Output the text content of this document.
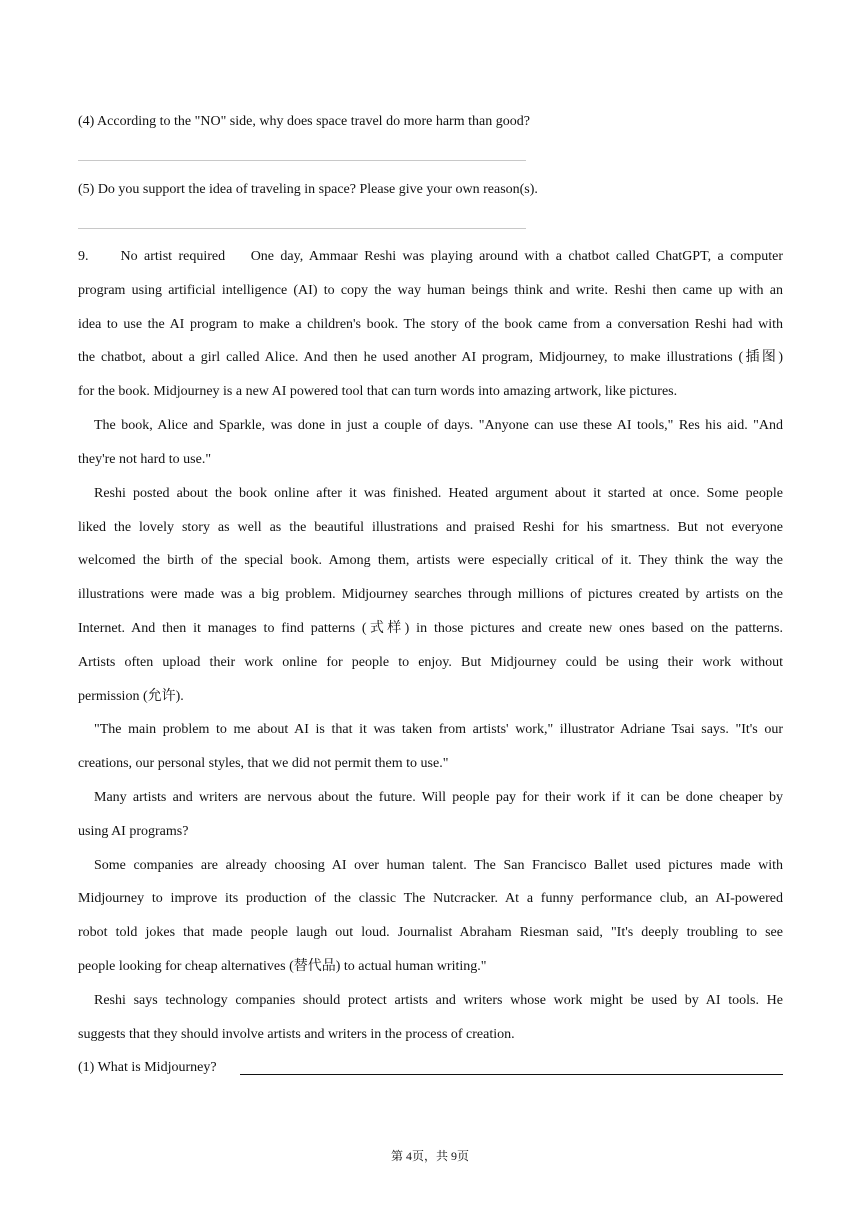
(4) According to the "NO" side, why does space travel do more harm than good?
(5) Do you support the idea of traveling in space? Please give your own reason(s).
9.     No artist required    One day, Ammaar Reshi was playing around with a chatbot called ChatGPT, a computer
program using artificial intelligence (AI) to copy the way human beings think and write. Reshi then came up with an
idea to use the AI program to make a children's book. The story of the book came from a conversation Reshi had with
the chatbot, about a girl called Alice. And then he used another AI program, Midjourney, to make illustrations (插图)
for the book. Midjourney is a new AI powered tool that can turn words into amazing artwork, like pictures.
The book, Alice and Sparkle, was done in just a couple of days. "Anyone can use these AI tools," Res his aid. "And
they're not hard to use."
Reshi posted about the book online after it was finished. Heated argument about it started at once. Some people
liked the lovely story as well as the beautiful illustrations and praised Reshi for his smartness. But not everyone
welcomed the birth of the special book. Among them, artists were especially critical of it. They think the way the
illustrations were made was a big problem. Midjourney searches through millions of pictures created by artists on the
Internet. And then it manages to find patterns (式样) in those pictures and create new ones based on the patterns.
Artists often upload their work online for people to enjoy. But Midjourney could be using their work without
permission (允许).
"The main problem to me about AI is that it was taken from artists' work," illustrator Adriane Tsai says. "It's our
creations, our personal styles, that we did not permit them to use."
Many artists and writers are nervous about the future. Will people pay for their work if it can be done cheaper by
using AI programs?
Some companies are already choosing AI over human talent. The San Francisco Ballet used pictures made with
Midjourney to improve its production of the classic The Nutcracker. At a funny performance club, an AI-powered
robot told jokes that made people laugh out loud. Journalist Abraham Riesman said, "It's deeply troubling to see
people looking for cheap alternatives (替代品) to actual human writing."
Reshi says technology companies should protect artists and writers whose work might be used by AI tools. He
suggests that they should involve artists and writers in the process of creation.
(1) What is Midjourney?
第 4页，共 9页
